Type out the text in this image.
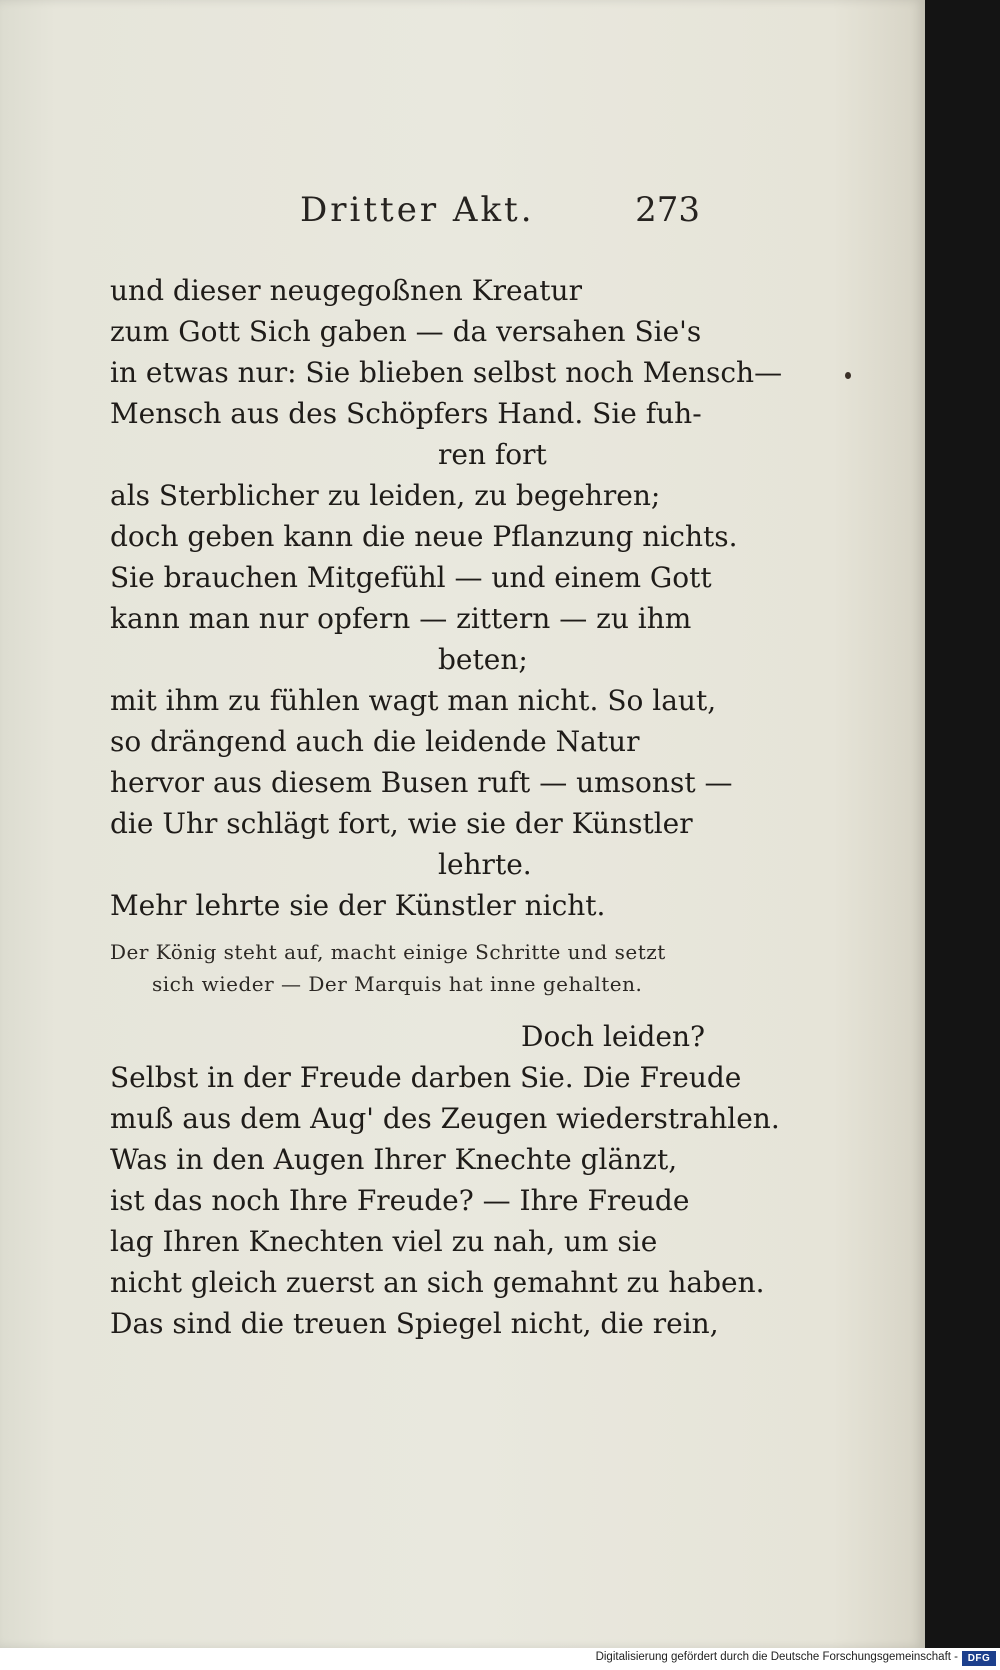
Dritter Akt.	273
und dieser neugegoßnen Kreatur
zum Gott Sich gaben — da versahen Sie's
in etwas nur: Sie blieben selbst noch Mensch—
Mensch aus des Schöpfers Hand. Sie fuh-
ren fort
als Sterblicher zu leiden, zu begehren;
doch geben kann die neue Pflanzung nichts.
Sie brauchen Mitgefühl — und einem Gott
kann man nur opfern — zittern — zu ihm
beten;
mit ihm zu fühlen wagt man nicht. So laut,
so drängend auch die leidende Natur
hervor aus diesem Busen ruft — umsonst —
die Uhr schlägt fort, wie sie der Künstler
lehrte.
Mehr lehrte sie der Künstler nicht.
Der König steht auf, macht einige Schritte und setzt
sich wieder — Der Marquis hat inne gehalten.
Doch leiden?
Selbst in der Freude darben Sie. Die Freude
muß aus dem Aug' des Zeugen wiederstrahlen.
Was in den Augen Ihrer Knechte glänzt,
ist das noch Ihre Freude? — Ihre Freude
lag Ihren Knechten viel zu nah, um sie
nicht gleich zuerst an sich gemahnt zu haben.
Das sind die treuen Spiegel nicht, die rein,
Digitalisierung gefördert durch die Deutsche Forschungsgemeinschaft - DFG
